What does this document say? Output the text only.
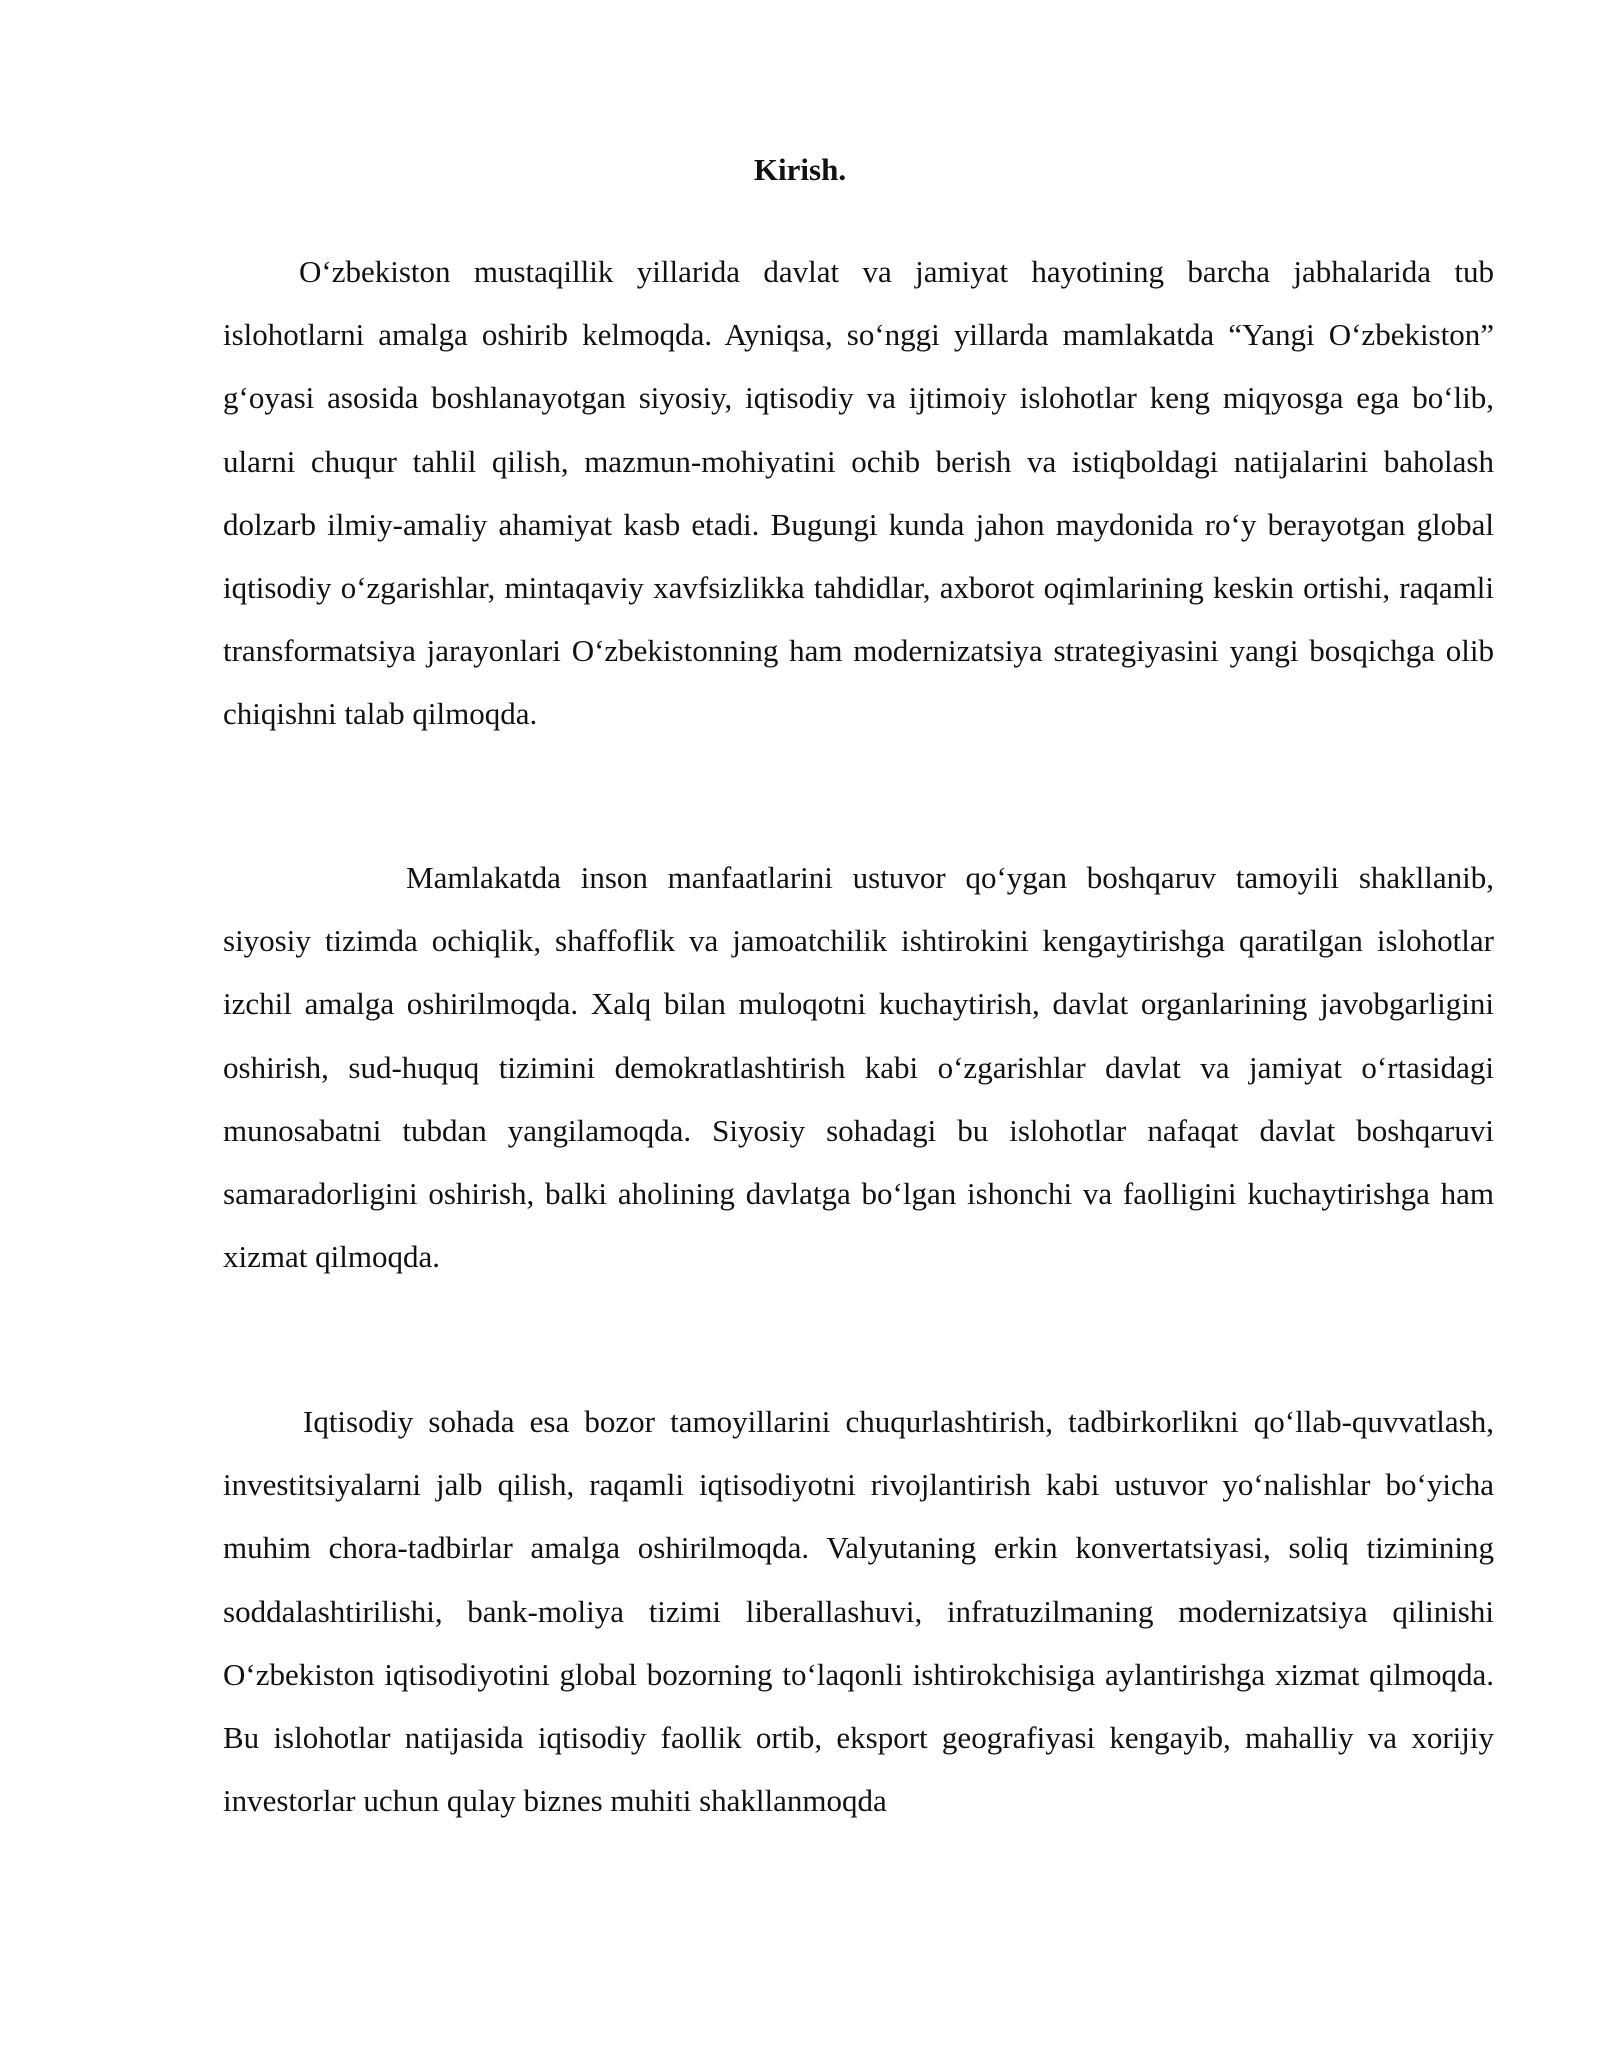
Kirish.

O‘zbekiston mustaqillik yillarida davlat va jamiyat hayotining barcha jabhalarida tub islohotlarni amalga oshirib kelmoqda. Ayniqsa, so‘nggi yillarda mamlakatda “Yangi O‘zbekiston” g‘oyasi asosida boshlanayotgan siyosiy, iqtisodiy va ijtimoiy islohotlar keng miqyosga ega bo‘lib, ularni chuqur tahlil qilish, mazmun-mohiyatini ochib berish va istiqboldagi natijalarini baholash dolzarb ilmiy-amaliy ahamiyat kasb etadi. Bugungi kunda jahon maydonida ro‘y berayotgan global iqtisodiy o‘zgarishlar, mintaqaviy xavfsizlikka tahdidlar, axborot oqimlarining keskin ortishi, raqamli transformatsiya jarayonlari O‘zbekistonning ham modernizatsiya strategiyasini yangi bosqichga olib chiqishni talab qilmoqda.

Mamlakatda inson manfaatlarini ustuvor qo‘ygan boshqaruv tamoyili shakllanib, siyosiy tizimda ochiqlik, shaffoflik va jamoatchilik ishtirokini kengaytirishga qaratilgan islohotlar izchil amalga oshirilmoqda. Xalq bilan muloqotni kuchaytirish, davlat organlarining javobgarligini oshirish, sud-huquq tizimini demokratlashtirish kabi o‘zgarishlar davlat va jamiyat o‘rtasidagi munosabatni tubdan yangilamoqda. Siyosiy sohadagi bu islohotlar nafaqat davlat boshqaruvi samaradorligini oshirish, balki aholining davlatga bo‘lgan ishonchi va faolligini kuchaytirishga ham xizmat qilmoqda.

Iqtisodiy sohada esa bozor tamoyillarini chuqurlashtirish, tadbirkorlikni qo‘llab-quvvatlash, investitsiyalarni jalb qilish, raqamli iqtisodiyotni rivojlantirish kabi ustuvor yo‘nalishlar bo‘yicha muhim chora-tadbirlar amalga oshirilmoqda. Valyutaning erkin konvertatsiyasi, soliq tizimining soddalashtirilishi, bank-moliya tizimi liberallashuvi, infratuzilmaning modernizatsiya qilinishi O‘zbekiston iqtisodiyotini global bozorning to‘laqonli ishtirokchisiga aylantirishga xizmat qilmoqda. Bu islohotlar natijasida iqtisodiy faollik ortib, eksport geografiyasi kengayib, mahalliy va xorijiy investorlar uchun qulay biznes muhiti shakllanmoqda
